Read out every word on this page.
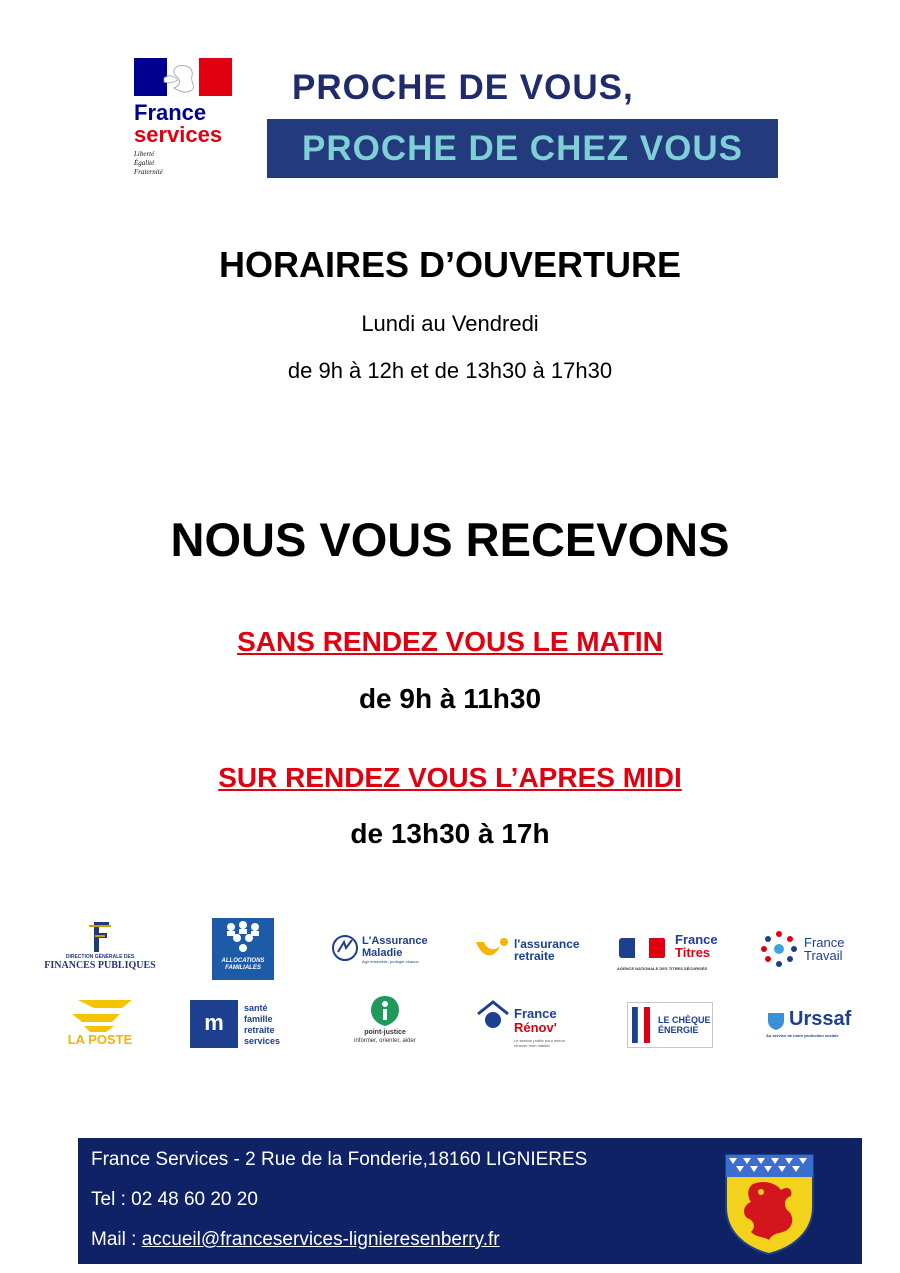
France
services
Liberté
Égalité
Fraternité
PROCHE DE VOUS,
PROCHE DE CHEZ VOUS
HORAIRES D’OUVERTURE
Lundi au Vendredi
de 9h à 12h et de 13h30 à 17h30
NOUS VOUS RECEVONS
SANS RENDEZ VOUS LE MATIN
de 9h à 11h30
SUR RENDEZ VOUS L’APRES MIDI
de 13h30 à 17h
DIRECTION GÉNÉRALE DES
FINANCES PUBLIQUES	ALLOCATIONS
FAMILIALES
L'Assurance
Maladie
Agir ensemble, protéger chacun
l'assurance
retraite
France
Titres
AGENCE NATIONALE DES TITRES SÉCURISÉS
France
Travail
LA POSTE
m
santé
famille
retraite
services
point-justice
informer, orienter, aider
France
Rénov'
Le service public pour mieux rénover mon habitat
LE CHÈQUE
ÉNERGIE	Urssaf
Au service de notre protection sociale
France Services - 2 Rue de la Fonderie,18160 LIGNIERES
Tel : 02 48 60 20 20
Mail : accueil@franceservices-lignieresenberry.fr
